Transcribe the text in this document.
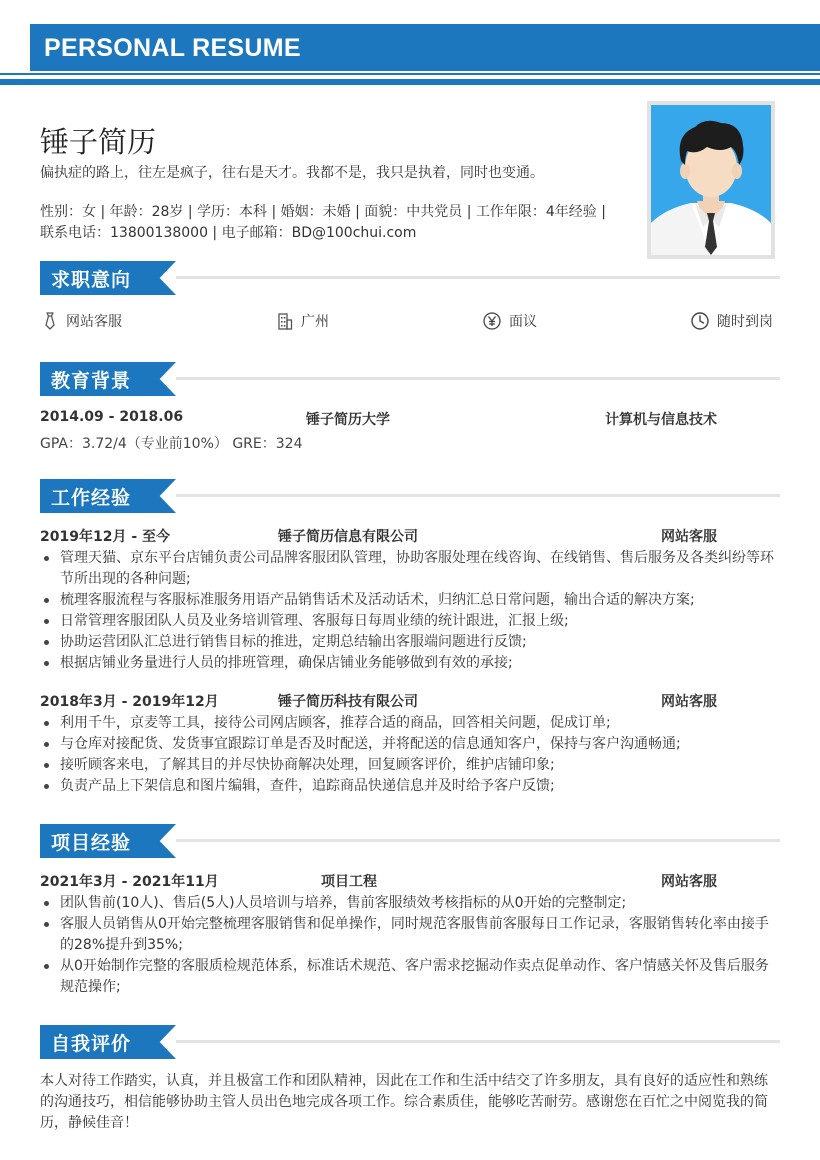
PERSONAL RESUME
锤子简历
偏执症的路上，往左是疯子，往右是天才。我都不是，我只是执着，同时也变通。
性别：女 | 年龄：28岁 | 学历：本科 | 婚姻：未婚 | 面貌：中共党员 | 工作年限：4年经验 |
联系电话：13800138000 | 电子邮箱：BD@100chui.com
求职意向
网站客服	广州	面议	随时到岗
教育背景
2014.09 - 2018.06	锤子简历大学	计算机与信息技术
GPA：3.72/4（专业前10%） GRE：324
工作经验
2019年12月 - 至今	锤子简历信息有限公司	网站客服
管理天猫、京东平台店铺负责公司品牌客服团队管理，协助客服处理在线咨询、在线销售、售后服务及各类纠纷等环节所出现的各种问题;
梳理客服流程与客服标准服务用语产品销售话术及活动话术，归纳汇总日常问题，输出合适的解决方案;
日常管理客服团队人员及业务培训管理、客服每日每周业绩的统计跟进，汇报上级;
协助运营团队汇总进行销售目标的推进，定期总结输出客服端问题进行反馈;
根据店铺业务量进行人员的排班管理，确保店铺业务能够做到有效的承接;
2018年3月 - 2019年12月	锤子简历科技有限公司	网站客服
利用千牛，京麦等工具，接待公司网店顾客，推荐合适的商品，回答相关问题，促成订单;
与仓库对接配货、发货事宜跟踪订单是否及时配送，并将配送的信息通知客户，保持与客户沟通畅通;
接听顾客来电，了解其目的并尽快协商解决处理，回复顾客评价，维护店铺印象;
负责产品上下架信息和图片编辑，查件，追踪商品快递信息并及时给予客户反馈;
项目经验
2021年3月 - 2021年11月	项目工程	网站客服
团队售前(10人)、售后(5人)人员培训与培养，售前客服绩效考核指标的从0开始的完整制定;
客服人员销售从0开始完整梳理客服销售和促单操作，同时规范客服售前客服每日工作记录，客服销售转化率由接手的28%提升到35%;
从0开始制作完整的客服质检规范体系，标准话术规范、客户需求挖掘动作卖点促单动作、客户情感关怀及售后服务规范操作;
自我评价
本人对待工作踏实，认真，并且极富工作和团队精神，因此在工作和生活中结交了许多朋友，具有良好的适应性和熟练的沟通技巧，相信能够协助主管人员出色地完成各项工作。综合素质佳，能够吃苦耐劳。感谢您在百忙之中阅览我的简历，静候佳音！
